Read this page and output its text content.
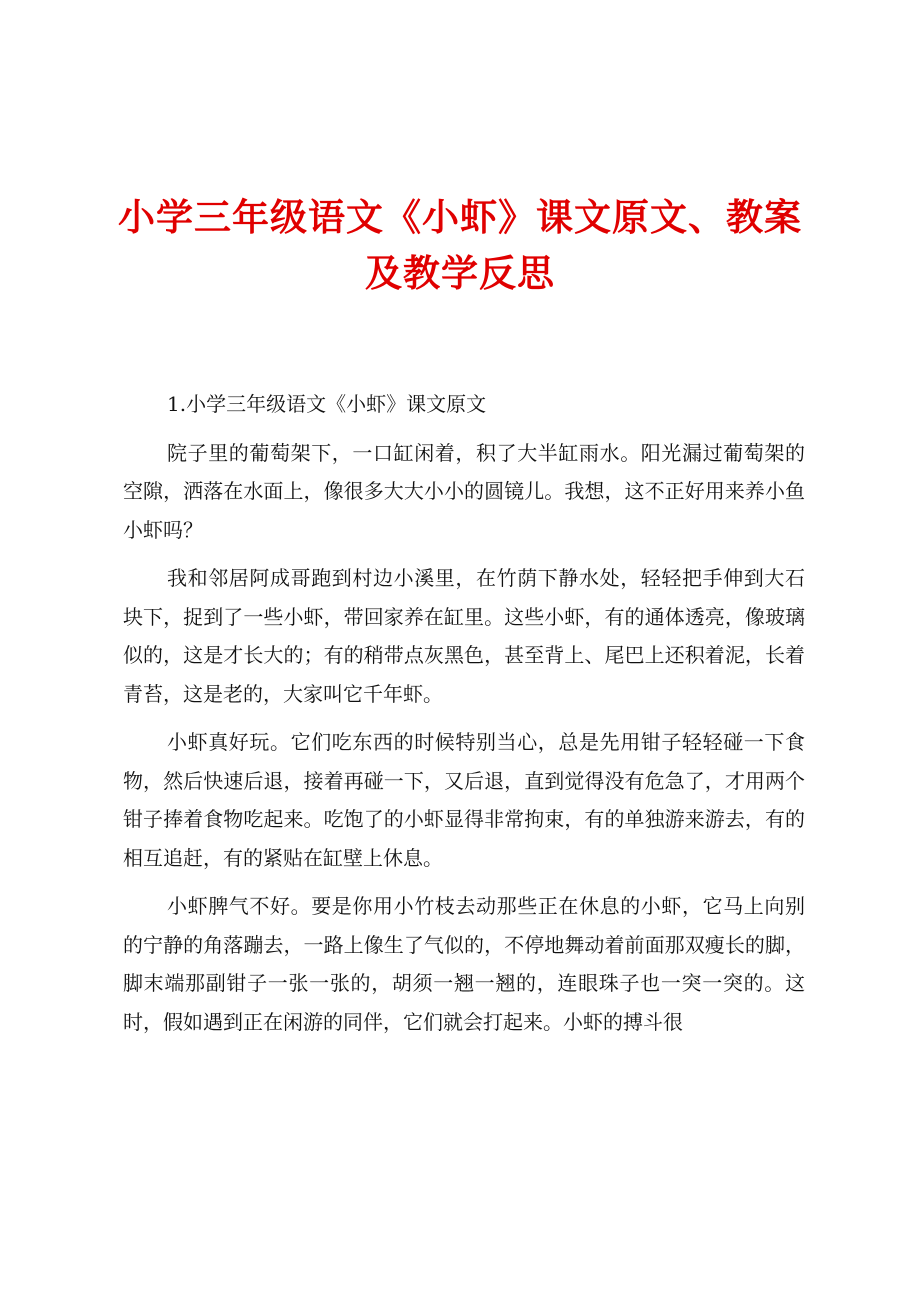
小学三年级语文《小虾》课文原文、教案及教学反思

1.小学三年级语文《小虾》课文原文

院子里的葡萄架下，一口缸闲着，积了大半缸雨水。阳光漏过葡萄架的空隙，洒落在水面上，像很多大大小小的圆镜儿。我想，这不正好用来养小鱼小虾吗？

我和邻居阿成哥跑到村边小溪里，在竹荫下静水处，轻轻把手伸到大石块下，捉到了一些小虾，带回家养在缸里。这些小虾，有的通体透亮，像玻璃似的，这是才长大的；有的稍带点灰黑色，甚至背上、尾巴上还积着泥，长着青苔，这是老的，大家叫它千年虾。

小虾真好玩。它们吃东西的时候特别当心，总是先用钳子轻轻碰一下食物，然后快速后退，接着再碰一下，又后退，直到觉得没有危急了，才用两个钳子捧着食物吃起来。吃饱了的小虾显得非常拘束，有的单独游来游去，有的相互追赶，有的紧贴在缸壁上休息。

小虾脾气不好。要是你用小竹枝去动那些正在休息的小虾，它马上向别的宁静的角落蹦去，一路上像生了气似的，不停地舞动着前面那双瘦长的脚，脚末端那副钳子一张一张的，胡须一翘一翘的，连眼珠子也一突一突的。这时，假如遇到正在闲游的同伴，它们就会打起来。小虾的搏斗很
